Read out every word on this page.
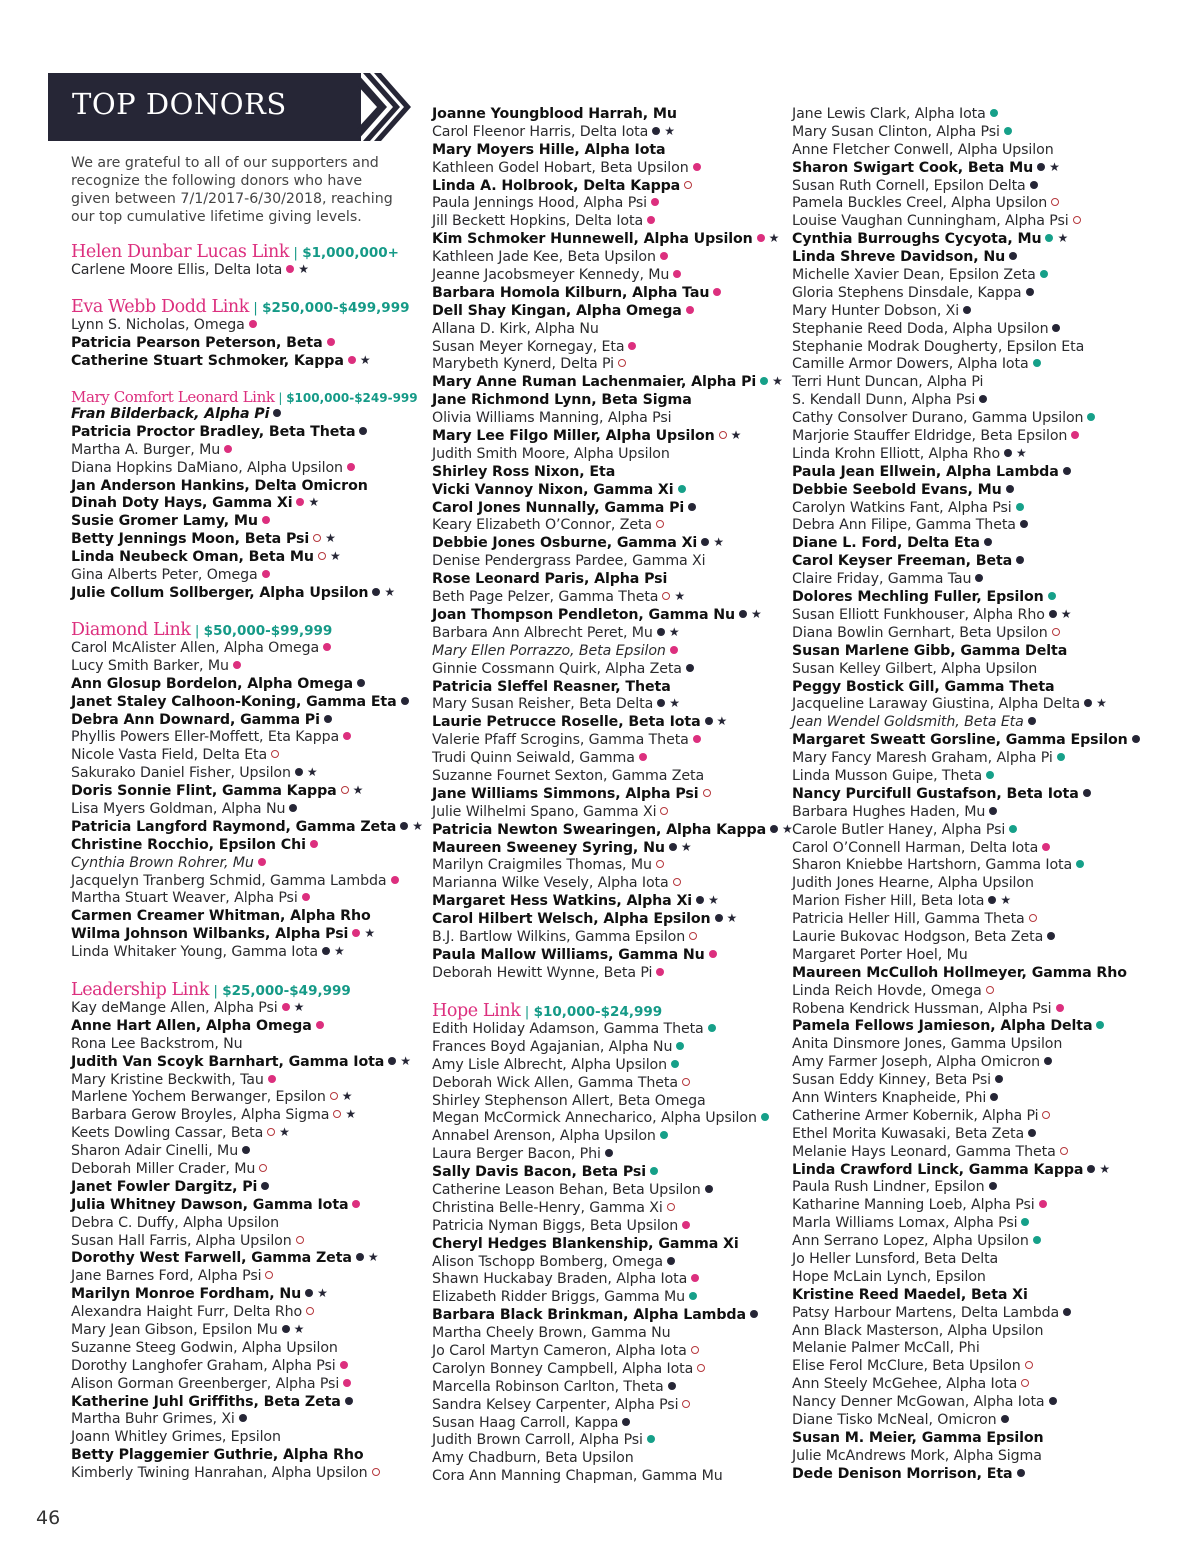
TOP DONORS

We are grateful to all of our supporters and recognize the following donors who have given between 7/1/2017-6/30/2018, reaching our top cumulative lifetime giving levels.

Helen Dunbar Lucas Link | $1,000,000+
Carlene Moore Ellis, Delta Iota ★
Eva Webb Dodd Link | $250,000-$499,999
Lynn S. Nicholas, Omega
Patricia Pearson Peterson, Beta
Catherine Stuart Schmoker, Kappa ★
Mary Comfort Leonard Link | $100,000-$249-999
Fran Bilderback, Alpha Pi
Patricia Proctor Bradley, Beta Theta
Martha A. Burger, Mu
Diana Hopkins DaMiano, Alpha Upsilon
Jan Anderson Hankins, Delta Omicron
Dinah Doty Hays, Gamma Xi ★
Susie Gromer Lamy, Mu
Betty Jennings Moon, Beta Psi ★
Linda Neubeck Oman, Beta Mu ★
Gina Alberts Peter, Omega
Julie Collum Sollberger, Alpha Upsilon ★
Diamond Link | $50,000-$99,999
Carol McAlister Allen, Alpha Omega
Lucy Smith Barker, Mu
Ann Glosup Bordelon, Alpha Omega
Janet Staley Calhoon-Koning, Gamma Eta
Debra Ann Downard, Gamma Pi
Phyllis Powers Eller-Moffett, Eta Kappa
Nicole Vasta Field, Delta Eta
Sakurako Daniel Fisher, Upsilon ★
Doris Sonnie Flint, Gamma Kappa ★
Lisa Myers Goldman, Alpha Nu
Patricia Langford Raymond, Gamma Zeta ★
Christine Rocchio, Epsilon Chi
Cynthia Brown Rohrer, Mu
Jacquelyn Tranberg Schmid, Gamma Lambda
Martha Stuart Weaver, Alpha Psi
Carmen Creamer Whitman, Alpha Rho
Wilma Johnson Wilbanks, Alpha Psi ★
Linda Whitaker Young, Gamma Iota ★
Leadership Link | $25,000-$49,999
Kay deMange Allen, Alpha Psi ★
Anne Hart Allen, Alpha Omega
Rona Lee Backstrom, Nu
Judith Van Scoyk Barnhart, Gamma Iota ★
Mary Kristine Beckwith, Tau
Marlene Yochem Berwanger, Epsilon ★
Barbara Gerow Broyles, Alpha Sigma ★
Keets Dowling Cassar, Beta ★
Sharon Adair Cinelli, Mu
Deborah Miller Crader, Mu
Janet Fowler Dargitz, Pi
Julia Whitney Dawson, Gamma Iota
Debra C. Duffy, Alpha Upsilon
Susan Hall Farris, Alpha Upsilon
Dorothy West Farwell, Gamma Zeta ★
Jane Barnes Ford, Alpha Psi
Marilyn Monroe Fordham, Nu ★
Alexandra Haight Furr, Delta Rho
Mary Jean Gibson, Epsilon Mu ★
Suzanne Steeg Godwin, Alpha Upsilon
Dorothy Langhofer Graham, Alpha Psi
Alison Gorman Greenberger, Alpha Psi
Katherine Juhl Griffiths, Beta Zeta
Martha Buhr Grimes, Xi
Joann Whitley Grimes, Epsilon
Betty Plaggemier Guthrie, Alpha Rho
Kimberly Twining Hanrahan, Alpha Upsilon
Joanne Youngblood Harrah, Mu
Carol Fleenor Harris, Delta Iota ★
Mary Moyers Hille, Alpha Iota
Kathleen Godel Hobart, Beta Upsilon
Linda A. Holbrook, Delta Kappa
Paula Jennings Hood, Alpha Psi
Jill Beckett Hopkins, Delta Iota
Kim Schmoker Hunnewell, Alpha Upsilon ★
Kathleen Jade Kee, Beta Upsilon
Jeanne Jacobsmeyer Kennedy, Mu
Barbara Homola Kilburn, Alpha Tau
Dell Shay Kingan, Alpha Omega
Allana D. Kirk, Alpha Nu
Susan Meyer Kornegay, Eta
Marybeth Kynerd, Delta Pi
Mary Anne Ruman Lachenmaier, Alpha Pi ★
Jane Richmond Lynn, Beta Sigma
Olivia Williams Manning, Alpha Psi
Mary Lee Filgo Miller, Alpha Upsilon ★
Judith Smith Moore, Alpha Upsilon
Shirley Ross Nixon, Eta
Vicki Vannoy Nixon, Gamma Xi
Carol Jones Nunnally, Gamma Pi
Keary Elizabeth O’Connor, Zeta
Debbie Jones Osburne, Gamma Xi ★
Denise Pendergrass Pardee, Gamma Xi
Rose Leonard Paris, Alpha Psi
Beth Page Pelzer, Gamma Theta ★
Joan Thompson Pendleton, Gamma Nu ★
Barbara Ann Albrecht Peret, Mu ★
Mary Ellen Porrazzo, Beta Epsilon
Ginnie Cossmann Quirk, Alpha Zeta
Patricia Sleffel Reasner, Theta
Mary Susan Reisher, Beta Delta ★
Laurie Petrucce Roselle, Beta Iota ★
Valerie Pfaff Scrogins, Gamma Theta
Trudi Quinn Seiwald, Gamma
Suzanne Fournet Sexton, Gamma Zeta
Jane Williams Simmons, Alpha Psi
Julie Wilhelmi Spano, Gamma Xi
Patricia Newton Swearingen, Alpha Kappa ★
Maureen Sweeney Syring, Nu ★
Marilyn Craigmiles Thomas, Mu
Marianna Wilke Vesely, Alpha Iota
Margaret Hess Watkins, Alpha Xi ★
Carol Hilbert Welsch, Alpha Epsilon ★
B.J. Bartlow Wilkins, Gamma Epsilon
Paula Mallow Williams, Gamma Nu
Deborah Hewitt Wynne, Beta Pi
Hope Link | $10,000-$24,999
Edith Holiday Adamson, Gamma Theta
Frances Boyd Agajanian, Alpha Nu
Amy Lisle Albrecht, Alpha Upsilon
Deborah Wick Allen, Gamma Theta
Shirley Stephenson Allert, Beta Omega
Megan McCormick Annecharico, Alpha Upsilon
Annabel Arenson, Alpha Upsilon
Laura Berger Bacon, Phi
Sally Davis Bacon, Beta Psi
Catherine Leason Behan, Beta Upsilon
Christina Belle-Henry, Gamma Xi
Patricia Nyman Biggs, Beta Upsilon
Cheryl Hedges Blankenship, Gamma Xi
Alison Tschopp Bomberg, Omega
Shawn Huckabay Braden, Alpha Iota
Elizabeth Ridder Briggs, Gamma Mu
Barbara Black Brinkman, Alpha Lambda
Martha Cheely Brown, Gamma Nu
Jo Carol Martyn Cameron, Alpha Iota
Carolyn Bonney Campbell, Alpha Iota
Marcella Robinson Carlton, Theta
Sandra Kelsey Carpenter, Alpha Psi
Susan Haag Carroll, Kappa
Judith Brown Carroll, Alpha Psi
Amy Chadburn, Beta Upsilon
Cora Ann Manning Chapman, Gamma Mu
Jane Lewis Clark, Alpha Iota
Mary Susan Clinton, Alpha Psi
Anne Fletcher Conwell, Alpha Upsilon
Sharon Swigart Cook, Beta Mu ★
Susan Ruth Cornell, Epsilon Delta
Pamela Buckles Creel, Alpha Upsilon
Louise Vaughan Cunningham, Alpha Psi
Cynthia Burroughs Cycyota, Mu ★
Linda Shreve Davidson, Nu
Michelle Xavier Dean, Epsilon Zeta
Gloria Stephens Dinsdale, Kappa
Mary Hunter Dobson, Xi
Stephanie Reed Doda, Alpha Upsilon
Stephanie Modrak Dougherty, Epsilon Eta
Camille Armor Dowers, Alpha Iota
Terri Hunt Duncan, Alpha Pi
S. Kendall Dunn, Alpha Psi
Cathy Consolver Durano, Gamma Upsilon
Marjorie Stauffer Eldridge, Beta Epsilon
Linda Krohn Elliott, Alpha Rho ★
Paula Jean Ellwein, Alpha Lambda
Debbie Seebold Evans, Mu
Carolyn Watkins Fant, Alpha Psi
Debra Ann Filipe, Gamma Theta
Diane L. Ford, Delta Eta
Carol Keyser Freeman, Beta
Claire Friday, Gamma Tau
Dolores Mechling Fuller, Epsilon
Susan Elliott Funkhouser, Alpha Rho ★
Diana Bowlin Gernhart, Beta Upsilon
Susan Marlene Gibb, Gamma Delta
Susan Kelley Gilbert, Alpha Upsilon
Peggy Bostick Gill, Gamma Theta
Jacqueline Laraway Giustina, Alpha Delta ★
Jean Wendel Goldsmith, Beta Eta
Margaret Sweatt Gorsline, Gamma Epsilon
Mary Fancy Maresh Graham, Alpha Pi
Linda Musson Guipe, Theta
Nancy Purcifull Gustafson, Beta Iota
Barbara Hughes Haden, Mu
Carole Butler Haney, Alpha Psi
Carol O’Connell Harman, Delta Iota
Sharon Kniebbe Hartshorn, Gamma Iota
Judith Jones Hearne, Alpha Upsilon
Marion Fisher Hill, Beta Iota ★
Patricia Heller Hill, Gamma Theta
Laurie Bukovac Hodgson, Beta Zeta
Margaret Porter Hoel, Mu
Maureen McCulloh Hollmeyer, Gamma Rho
Linda Reich Hovde, Omega
Robena Kendrick Hussman, Alpha Psi
Pamela Fellows Jamieson, Alpha Delta
Anita Dinsmore Jones, Gamma Upsilon
Amy Farmer Joseph, Alpha Omicron
Susan Eddy Kinney, Beta Psi
Ann Winters Knapheide, Phi
Catherine Armer Kobernik, Alpha Pi
Ethel Morita Kuwasaki, Beta Zeta
Melanie Hays Leonard, Gamma Theta
Linda Crawford Linck, Gamma Kappa ★
Paula Rush Lindner, Epsilon
Katharine Manning Loeb, Alpha Psi
Marla Williams Lomax, Alpha Psi
Ann Serrano Lopez, Alpha Upsilon
Jo Heller Lunsford, Beta Delta
Hope McLain Lynch, Epsilon
Kristine Reed Maedel, Beta Xi
Patsy Harbour Martens, Delta Lambda
Ann Black Masterson, Alpha Upsilon
Melanie Palmer McCall, Phi
Elise Ferol McClure, Beta Upsilon
Ann Steely McGehee, Alpha Iota
Nancy Denner McGowan, Alpha Iota
Diane Tisko McNeal, Omicron
Susan M. Meier, Gamma Epsilon
Julie McAndrews Mork, Alpha Sigma
Dede Denison Morrison, Eta
46
